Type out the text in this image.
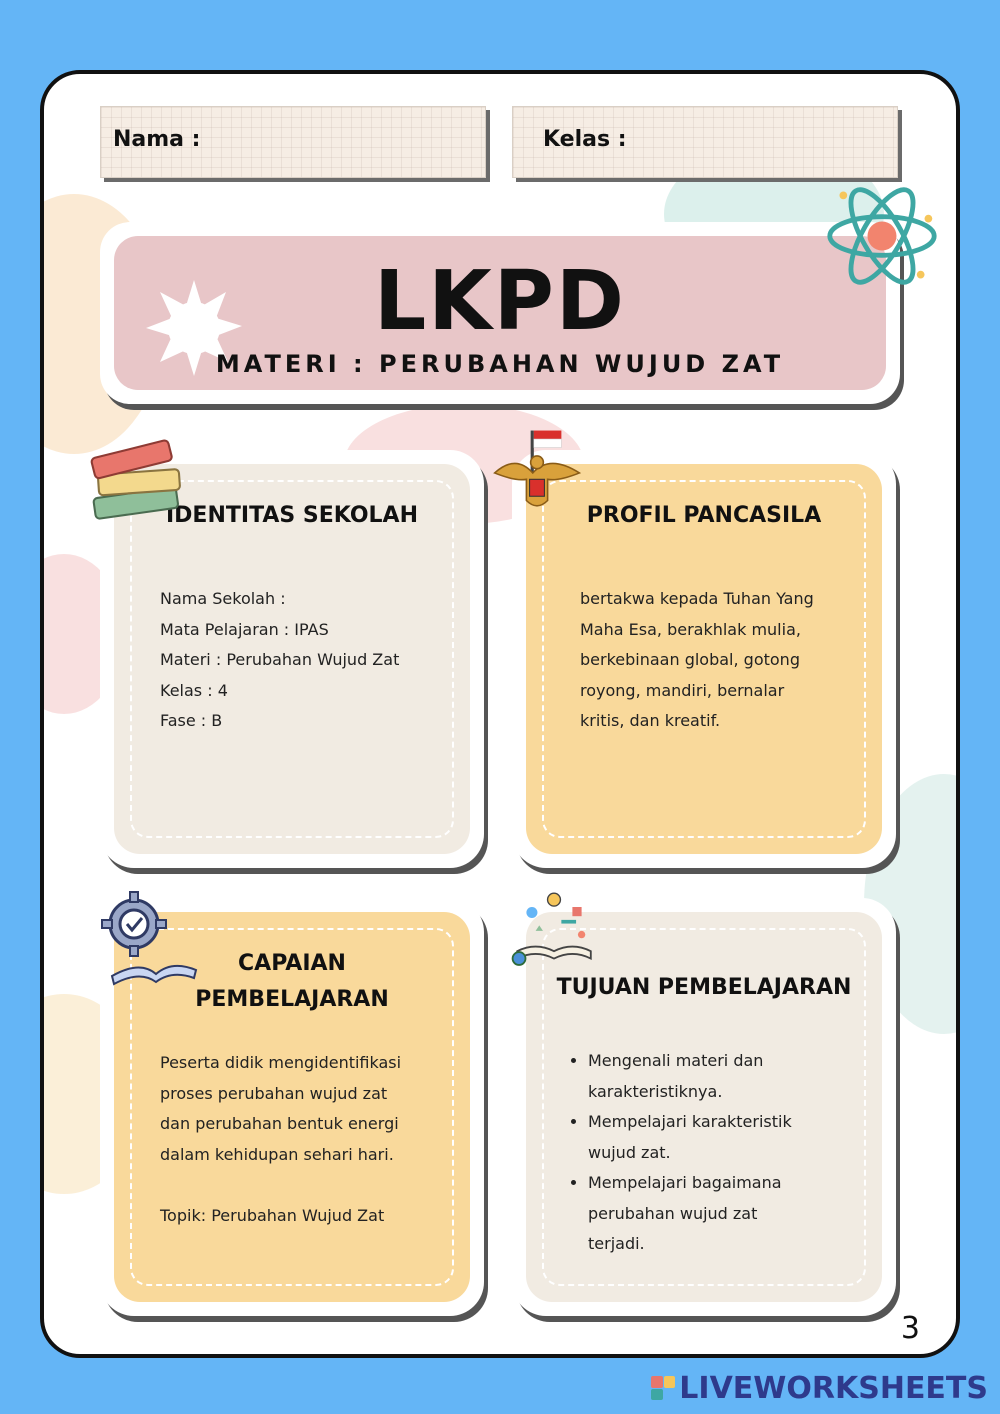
Nama :	Kelas :
LKPD
MATERI : PERUBAHAN WUJUD ZAT
IDENTITAS SEKOLAH

Nama Sekolah :

Mata Pelajaran : IPAS

Materi : Perubahan Wujud Zat

Kelas : 4

Fase : B

PROFIL PANCASILA

bertakwa kepada Tuhan Yang

Maha Esa, berakhlak mulia,

berkebinaan global, gotong

royong, mandiri, bernalar

kritis, dan kreatif.

CAPAIAN
PEMBELAJARAN

Peserta didik mengidentifikasi

proses perubahan wujud zat

dan perubahan bentuk energi

dalam kehidupan sehari hari.

Topik: Perubahan Wujud Zat

TUJUAN PEMBELAJARAN
• Mengenali materi dan karakteristiknya.
• Mempelajari karakteristik wujud zat.
• Mempelajari bagaimana perubahan wujud zat terjadi.
3
LIVEWORKSHEETS
